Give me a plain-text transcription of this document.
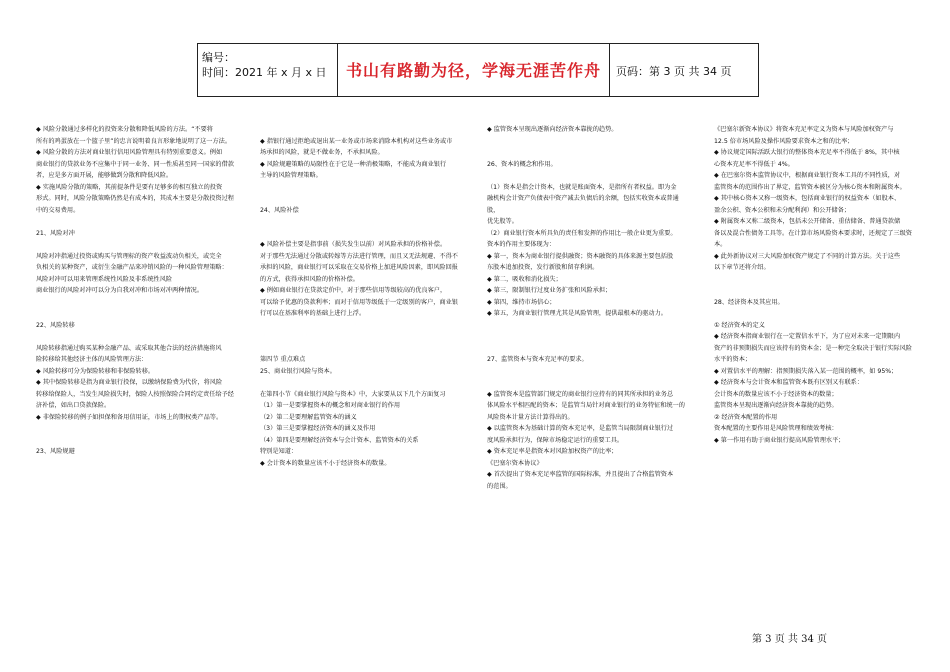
编号：
时间：2021 年 x 月 x 日	书山有路勤为径，学海无涯苦作舟	页码：第 3 页 共 34 页

◆ 风险分散通过多样化的投资来分散和降低风险的方法。“不要将

所有的鸡蛋放在一个篮子里”的忠言说明着良言形象地说明了这一方法。

◆ 风险分散的方法对商业银行信用风险管理具有特别重要意义。例如

商业银行的贷款业务不应集中于同一业务、同一性质甚至同一国家的借款

者，应是多方面开展，能够做到分散和降低风险。

◆ 实施风险分散的策略，其前提条件是要有足够多的相互独立的投资

形式。同时，风险分散策略仍然是有成本的，其成本主要是分散投资过程

中的交易费用。

21、风险对冲

风险对冲指通过投资或购买与管理标的资产收益波动负相关，或完全

负相关的某种资产，或衍生金融产品来冲销风险的一种风险管理策略：

风险对冲可以用来管理系统性风险及非系统性风险

商业银行的风险对冲可以分为自我对冲和市场对冲两种情况。

22、风险转移

风险转移指通过购买某种金融产品、或采取其他合法的经济措施将风

险转移给其他经济主体的风险管理方法：

◆ 风险转移可分为保险转移和非保险转移。

◆ 其中保险转移是指为商业银行投保，以缴纳保险费为代价，将风险

转移给保险人，当发生风险损失时，保险人按照保险合同约定责任给予经

济补偿，如出口贷款保险。

◆ 非保险转移的例子如担保和备用信用证，市场上的期权类产品等。

23、风险规避

◆ 指银行通过拒绝或退出某一业务或市场来消除本机构对这些业务或市

场承担的风险，就是不做业务，不承担风险。

◆ 风险规避策略的局限性在于它是一种消极策略，不能成为商业银行

主导的风险管理策略。

24、风险补偿

◆ 风险补偿主要是指事前（损失发生以前）对风险承担的价格补偿。

对于那些无法通过分散或转嫁等方法进行管理，而且又无法规避、不得不

承担的风险，商业银行可以采取在交易价格上加进风险因素，即风险回报

的方式，获得承担风险的价格补偿。

◆ 例如商业银行在贷款定价中，对于那些信用等级较高的优良客户，

可以给予优惠的贷款利率；而对于信用等级低于一定级别的客户，商业银

行可以在基准利率的基础上进行上浮。

第四节 重点难点

25、商业银行风险与资本。

在第四小节《商业银行风险与资本》中，大家要从以下几个方面复习

（1）第一是要掌握资本的概念和对商业银行的作用

（2）第二是要理解监管资本的涵义

（3）第三是要掌握经济资本的涵义及作用

（4）第四是要理解经济资本与会计资本、监管资本的关系

特别是知道：

◆ 会计资本的数量应该不小于经济资本的数量。

◆ 监管资本呈现出逐渐向经济资本靠拢的趋势。

26、资本的概念和作用。

（1）资本是指会计资本，也就是账面资本，是指所有者权益。即为金

融机构会计资产负债表中资产减去负债后的余额，包括实收资本或普通股，

优先股等。

（2）商业银行资本所具负的责任和发挥的作用比一般企业更为重要。

资本的作用主要体现为：

◆ 第一，资本为商业银行提供融资；资本融资的具体来源主要包括股

东股本追加投资，发行新股和留存利润。

◆ 第二，吸收和消化损失；

◆ 第三，限制银行过度业务扩张和风险承担；

◆ 第四，维持市场信心；

◆ 第五，为商业银行管理尤其是风险管理，提供最根本的驱动力。

27、监管资本与资本充足率的要求。

◆ 监管资本是监管部门规定的商业银行应持有的同其所承担的业务总

体风险水平相匹配的资本；是监管当局针对商业银行的业务特征和统一的

风险资本计量方法计算得出的。

◆ 以监管资本为基础计算的资本充足率，是监管当局限制商业银行过

度风险承担行为，保障市场稳定运行的重要工具。

◆ 资本充足率是指资本对风险加权资产的比率；

《巴塞尔资本协议》

◆ 首次提出了资本充足率监管的国际标准，并且提出了合格监管资本

的范围。

《巴塞尔新资本协议》将资本充足率定义为资本与风险加权资产与

12.5 倍市场风险及操作风险要求资本之和的比率；

◆ 协议规定国际活跃大银行的整体资本充足率不得低于 8%，其中核

心资本充足率不得低于 4%。

◆ 在巴塞尔资本监管协议中，根据商业银行资本工具的不同性质，对

监管资本的范围作出了界定，监管资本被区分为核心资本和附属资本。

◆ 其中核心资本又称一级资本，包括商业银行的权益资本（如股本、

盈余公积、资本公积和未分配利润）和公开储备；

◆ 附属资本又称二级资本，包括未公开储备、重估储备、普通贷款储

备以及混合性债务工具等。在计算市场风险资本要求时，还规定了三级资

本。

◆ 此外新协议对三大风险加权资产规定了不同的计算方法。关于这些

以下章节还将介绍。

28、经济资本及其应用。

① 经济资本的定义

◆ 经济资本指商业银行在一定置信水平下，为了应对未来一定期限内

资产的非预期损失而应该持有的资本金；是一种完全取决于银行实际风险

水平的资本；

◆ 对置信水平的理解：指预期损失落入某一范围的概率，如 95%；

◆ 经济资本与会计资本和监管资本既有区别又有联系：

会计资本的数量应该不小于经济资本的数量；

监管资本呈现出逐渐向经济资本靠拢的趋势。

② 经济资本配置的作用

资本配置的主要作用是风险管理和绩效考核：

◆ 第一作用有助于商业银行提高风险管理水平；

第 3 页 共 34 页
